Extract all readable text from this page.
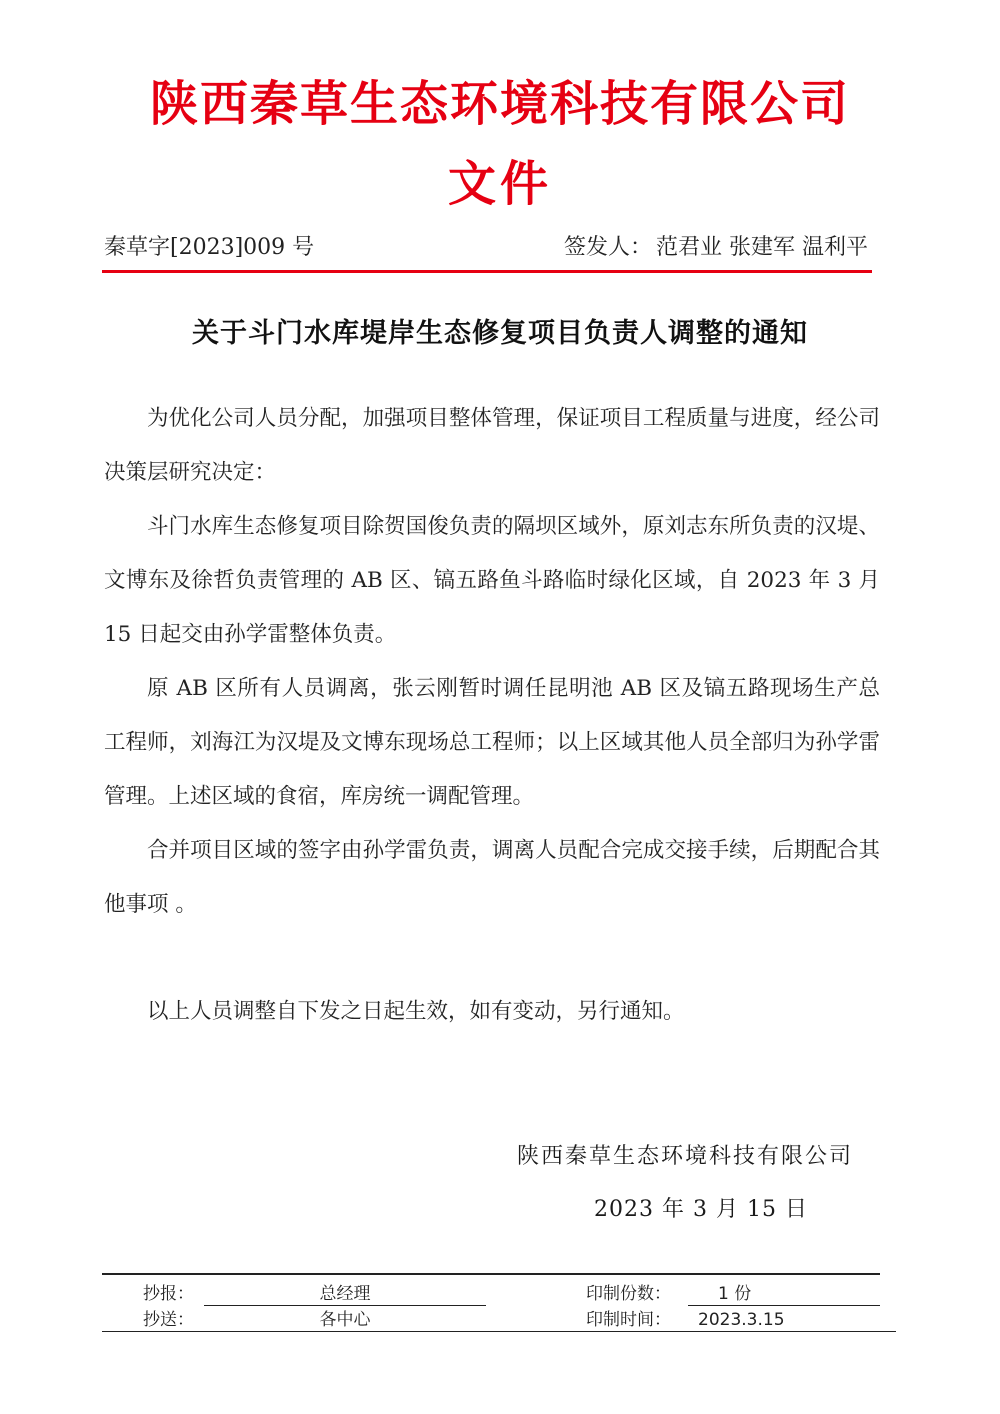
陕西秦草生态环境科技有限公司
文件
秦草字[2023]009 号	签发人： 范君业 张建军 温利平
关于斗门水库堤岸生态修复项目负责人调整的通知

为优化公司人员分配，加强项目整体管理，保证项目工程质量与进度，经公司决策层研究决定：

斗门水库生态修复项目除贺国俊负责的隔坝区域外，原刘志东所负责的汉堤、文博东及徐哲负责管理的 AB 区、镐五路鱼斗路临时绿化区域，自 2023 年 3 月 15 日起交由孙学雷整体负责。

原 AB 区所有人员调离，张云刚暂时调任昆明池 AB 区及镐五路现场生产总工程师，刘海江为汉堤及文博东现场总工程师；以上区域其他人员全部归为孙学雷管理。上述区域的食宿，库房统一调配管理。

合并项目区域的签字由孙学雷负责，调离人员配合完成交接手续，后期配合其他事项 。

以上人员调整自下发之日起生效，如有变动，另行通知。

陕西秦草生态环境科技有限公司
2023 年 3 月 15 日
抄报：	总经理	印制份数：	1 份
抄送：	各中心	印制时间：	2023.3.15
